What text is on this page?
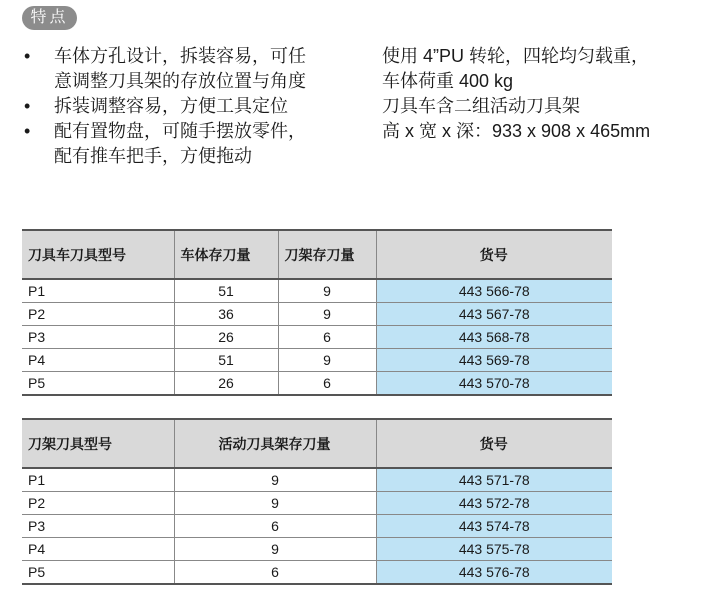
特点
• 车体方孔设计，拆装容易，可任
意调整刀具架的存放位置与角度
• 拆装调整容易，方便工具定位
• 配有置物盘，可随手摆放零件，
配有推车把手，方便拖动
使用 4”PU 转轮，四轮均匀载重，
车体荷重 400 kg
刀具车含二组活动刀具架
高 x 宽 x 深：933 x 908 x 465mm
刀具车刀具型号	车体存刀量	刀架存刀量	货号
P1	51	9	443 566-78
P2	36	9	443 567-78
P3	26	6	443 568-78
P4	51	9	443 569-78
P5	26	6	443 570-78
刀架刀具型号	活动刀具架存刀量	货号
P1	9	443 571-78
P2	9	443 572-78
P3	6	443 574-78
P4	9	443 575-78
P5	6	443 576-78
